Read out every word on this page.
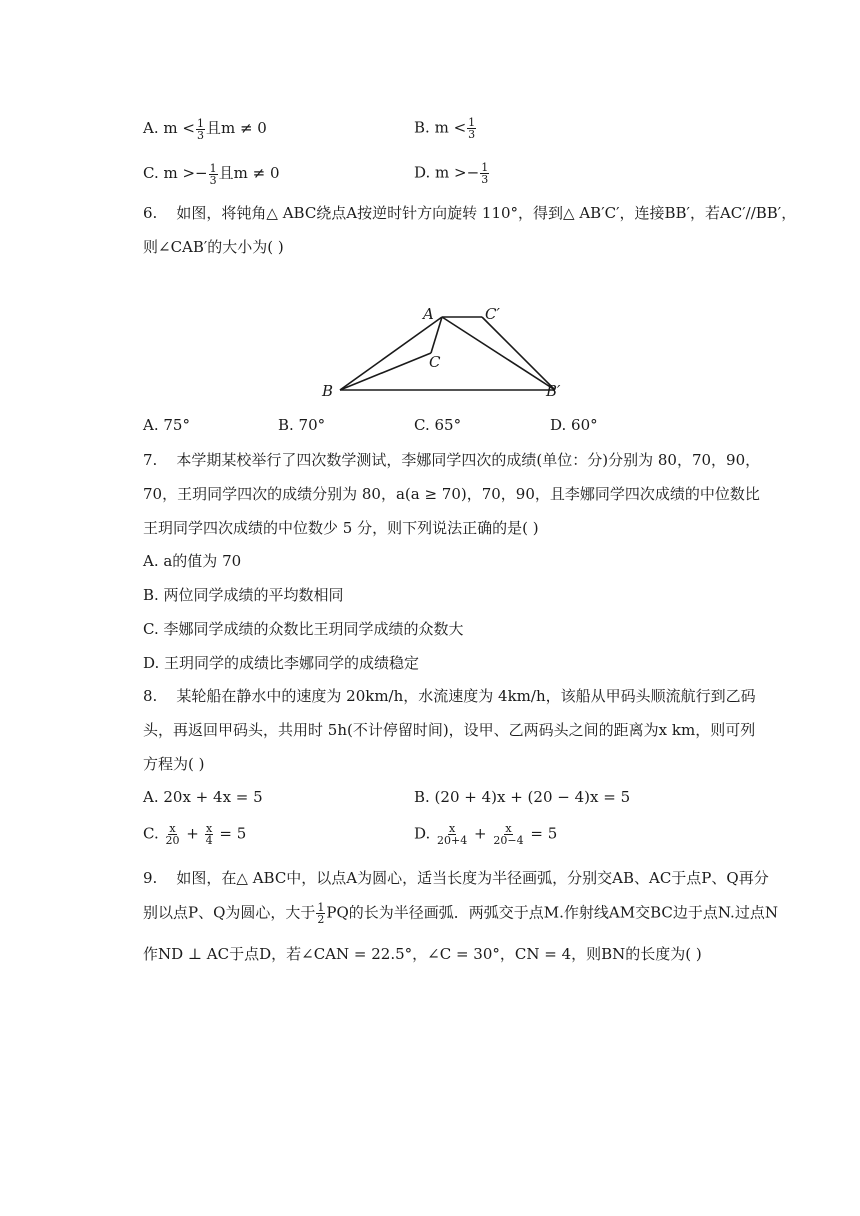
A. $m < \frac{1}{3}$ 且m ≠ 0	B. $m < \frac{1}{3}$
C. $m >- \frac{1}{3}$ 且m ≠ 0	D. $m >- \frac{1}{3}$
6. 如图，将钝角△ ABC绕点A按逆时针方向旋转 110°，得到△ AB′C′，连接BB′，若AC′//BB′，
则∠CAB′的大小为( )
A	C′
C
B	B′
A. 75°	B. 70°	C. 65°	D. 60°
7. 本学期某校举行了四次数学测试，李娜同学四次的成绩(单位：分)分别为 80，70，90，
70，王玥同学四次的成绩分别为 80，a(a ≥ 70)，70，90，且李娜同学四次成绩的中位数比
王玥同学四次成绩的中位数少 5 分，则下列说法正确的是( )
A. a的值为 70
B. 两位同学成绩的平均数相同
C. 李娜同学成绩的众数比王玥同学成绩的众数大
D. 王玥同学的成绩比李娜同学的成绩稳定
8. 某轮船在静水中的速度为 20km/h，水流速度为 4km/h，该船从甲码头顺流航行到乙码
头，再返回甲码头，共用时 5h(不计停留时间)，设甲、乙两码头之间的距离为x km，则可列
方程为( )
A. 20x + 4x = 5	B. (20 + 4)x + (20 − 4)x = 5
C. $\frac{x}{20} + \frac{x}{4} = 5$	D. $\frac{x}{20+4} + \frac{x}{20-4} = 5$
9. 如图，在△ ABC中，以点A为圆心，适当长度为半径画弧，分别交AB、AC于点P、Q再分
别以点P、Q为圆心，大于 $\frac{1}{2}$ PQ的长为半径画弧．两弧交于点M.作射线AM交BC边于点N.过点N
作ND ⊥ AC于点D，若∠CAN = 22.5°，∠C = 30°，CN = 4，则BN的长度为( )
